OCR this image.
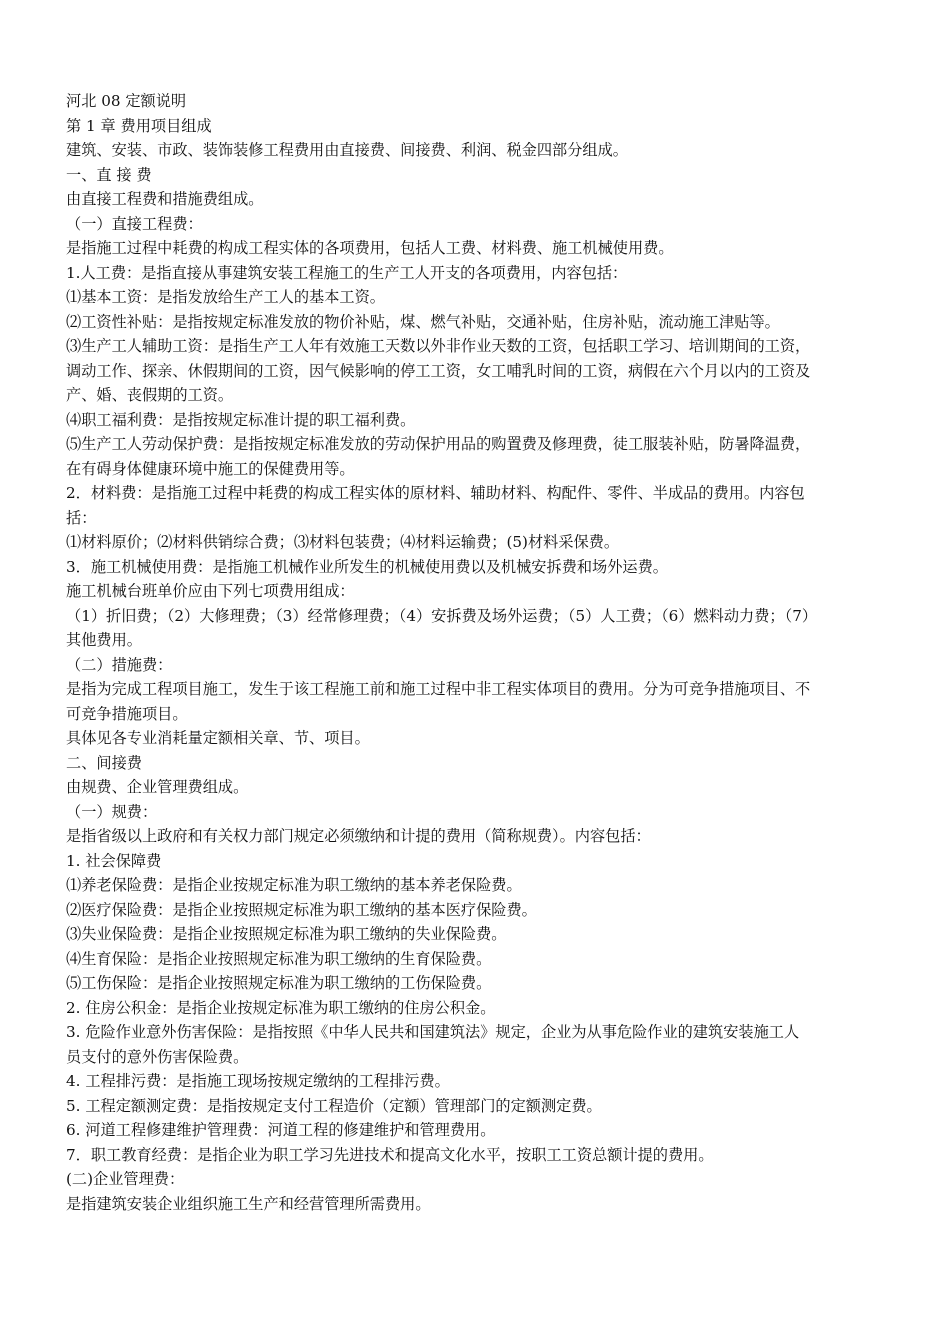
河北 08 定额说明
第 1 章 费用项目组成
建筑、安装、市政、装饰装修工程费用由直接费、间接费、利润、税金四部分组成。
一、直 接 费
由直接工程费和措施费组成。
（一）直接工程费：
是指施工过程中耗费的构成工程实体的各项费用，包括人工费、材料费、施工机械使用费。
1.人工费：是指直接从事建筑安装工程施工的生产工人开支的各项费用，内容包括：
⑴基本工资：是指发放给生产工人的基本工资。
⑵工资性补贴：是指按规定标准发放的物价补贴，煤、燃气补贴，交通补贴，住房补贴，流动施工津贴等。
⑶生产工人辅助工资：是指生产工人年有效施工天数以外非作业天数的工资，包括职工学习、培训期间的工资，
调动工作、探亲、休假期间的工资，因气候影响的停工工资，女工哺乳时间的工资，病假在六个月以内的工资及
产、婚、丧假期的工资。
⑷职工福利费：是指按规定标准计提的职工福利费。
⑸生产工人劳动保护费：是指按规定标准发放的劳动保护用品的购置费及修理费，徒工服装补贴，防暑降温费，
在有碍身体健康环境中施工的保健费用等。
2．材料费：是指施工过程中耗费的构成工程实体的原材料、辅助材料、构配件、零件、半成品的费用。内容包
括：
⑴材料原价；⑵材料供销综合费；⑶材料包装费；⑷材料运输费；(5)材料采保费。
3．施工机械使用费：是指施工机械作业所发生的机械使用费以及机械安拆费和场外运费。
施工机械台班单价应由下列七项费用组成：
（1）折旧费；（2）大修理费；（3）经常修理费；（4）安拆费及场外运费；（5）人工费；（6）燃料动力费；（7）
其他费用。
（二）措施费：
是指为完成工程项目施工，发生于该工程施工前和施工过程中非工程实体项目的费用。分为可竞争措施项目、不
可竞争措施项目。
具体见各专业消耗量定额相关章、节、项目。
二、间接费
由规费、企业管理费组成。
（一）规费：
是指省级以上政府和有关权力部门规定必须缴纳和计提的费用（简称规费）。内容包括：
1. 社会保障费
⑴养老保险费：是指企业按规定标准为职工缴纳的基本养老保险费。
⑵医疗保险费：是指企业按照规定标准为职工缴纳的基本医疗保险费。
⑶失业保险费：是指企业按照规定标准为职工缴纳的失业保险费。
⑷生育保险：是指企业按照规定标准为职工缴纳的生育保险费。
⑸工伤保险：是指企业按照规定标准为职工缴纳的工伤保险费。
2. 住房公积金：是指企业按规定标准为职工缴纳的住房公积金。
3. 危险作业意外伤害保险：是指按照《中华人民共和国建筑法》规定，企业为从事危险作业的建筑安装施工人
员支付的意外伤害保险费。
4. 工程排污费：是指施工现场按规定缴纳的工程排污费。
5. 工程定额测定费：是指按规定支付工程造价（定额）管理部门的定额测定费。
6. 河道工程修建维护管理费：河道工程的修建维护和管理费用。
7．职工教育经费：是指企业为职工学习先进技术和提高文化水平，按职工工资总额计提的费用。
(二)企业管理费：
是指建筑安装企业组织施工生产和经营管理所需费用。
